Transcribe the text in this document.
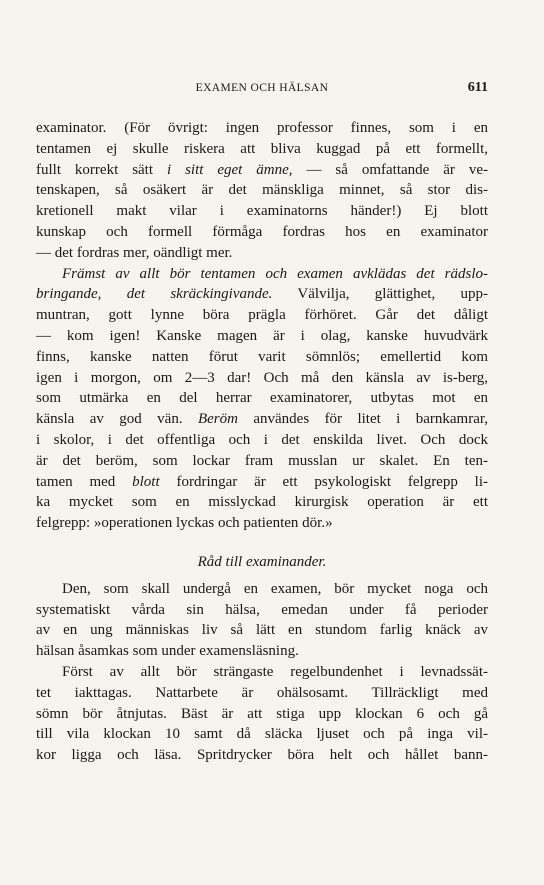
EXAMEN OCH HÄLSAN	611
examinator. (För övrigt: ingen professor finnes, som i en
tentamen ej skulle riskera att bliva kuggad på ett formellt,
fullt korrekt sätt i sitt eget ämne, — så omfattande är ve-
tenskapen, så osäkert är det mänskliga minnet, så stor dis-
kretionell makt vilar i examinatorns händer!) Ej blott
kunskap och formell förmåga fordras hos en examinator
— det fordras mer, oändligt mer.
Främst av allt bör tentamen och examen avklädas det rädslo-
bringande, det skräckingivande. Välvilja, glättighet, upp-
muntran, gott lynne böra prägla förhöret. Går det dåligt
— kom igen! Kanske magen är i olag, kanske huvudvärk
finns, kanske natten förut varit sömnlös; emellertid kom
igen i morgon, om 2—3 dar! Och må den känsla av is-berg,
som utmärka en del herrar examinatorer, utbytas mot en
känsla av god vän. Beröm användes för litet i barnkamrar,
i skolor, i det offentliga och i det enskilda livet. Och dock
är det beröm, som lockar fram musslan ur skalet. En ten-
tamen med blott fordringar är ett psykologiskt felgrepp li-
ka mycket som en misslyckad kirurgisk operation är ett
felgrepp: »operationen lyckas och patienten dör.»
Råd till examinander.
Den, som skall undergå en examen, bör mycket noga och
systematiskt vårda sin hälsa, emedan under få perioder
av en ung människas liv så lätt en stundom farlig knäck av
hälsan åsamkas som under examensläsning.
Först av allt bör strängaste regelbundenhet i levnadssät-
tet iakttagas. Nattarbete är ohälsosamt. Tillräckligt med
sömn bör åtnjutas. Bäst är att stiga upp klockan 6 och gå
till vila klockan 10 samt då släcka ljuset och på inga vil-
kor ligga och läsa. Spritdrycker böra helt och hållet bann-
